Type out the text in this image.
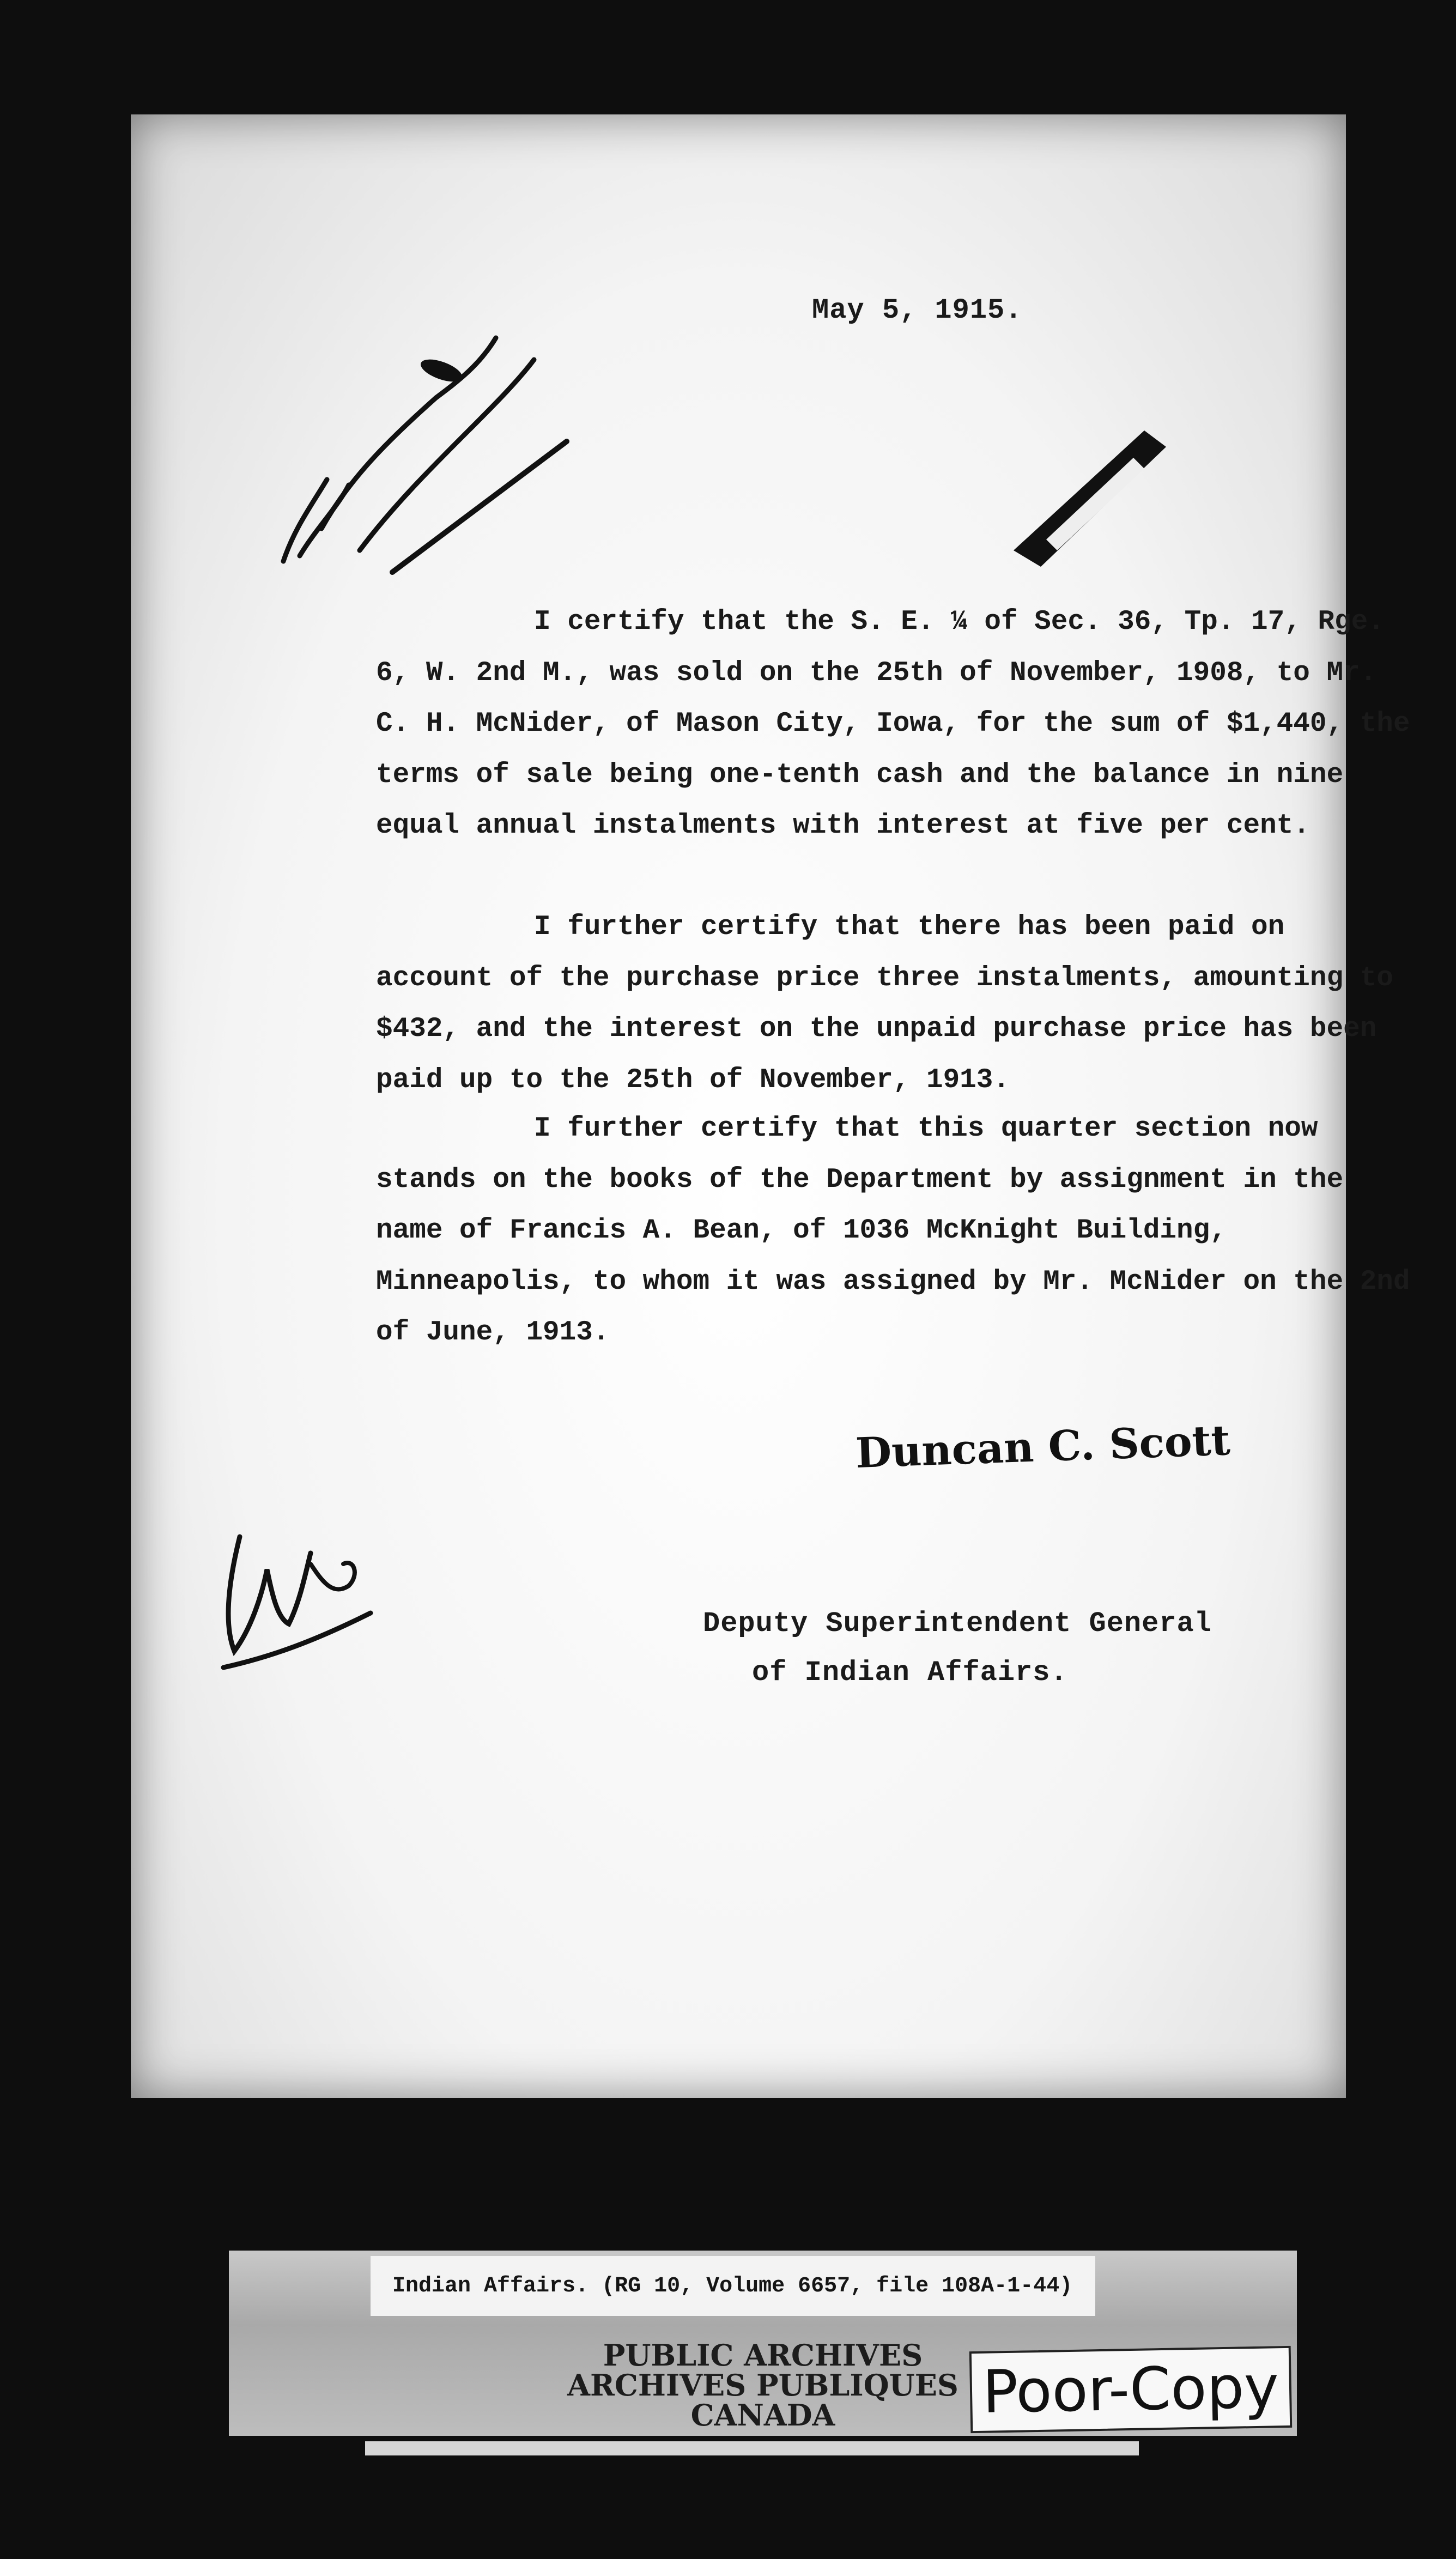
May 5, 1915.

I certify that the S. E. ¼ of Sec. 36, Tp. 17, Rge. 6, W. 2nd M., was sold on the 25th of November, 1908, to Mr. C. H. McNider, of Mason City, Iowa, for the sum of $1,440, the terms of sale being one-tenth cash and the balance in nine equal annual instalments with interest at five per cent.

I further certify that there has been paid on account of the purchase price three instalments, amounting to $432, and the interest on the unpaid purchase price has been paid up to the 25th of November, 1913.

I further certify that this quarter section now stands on the books of the Department by assignment in the name of Francis A. Bean, of 1036 McKnight Building, Minneapolis, to whom it was assigned by Mr. McNider on the 2nd of June, 1913.

Duncan C. Scott
Deputy Superintendent General
of Indian Affairs.
Indian Affairs. (RG 10, Volume 6657, file 108A-1-44)
PUBLIC ARCHIVES
ARCHIVES PUBLIQUES
CANADA	Poor-Copy
